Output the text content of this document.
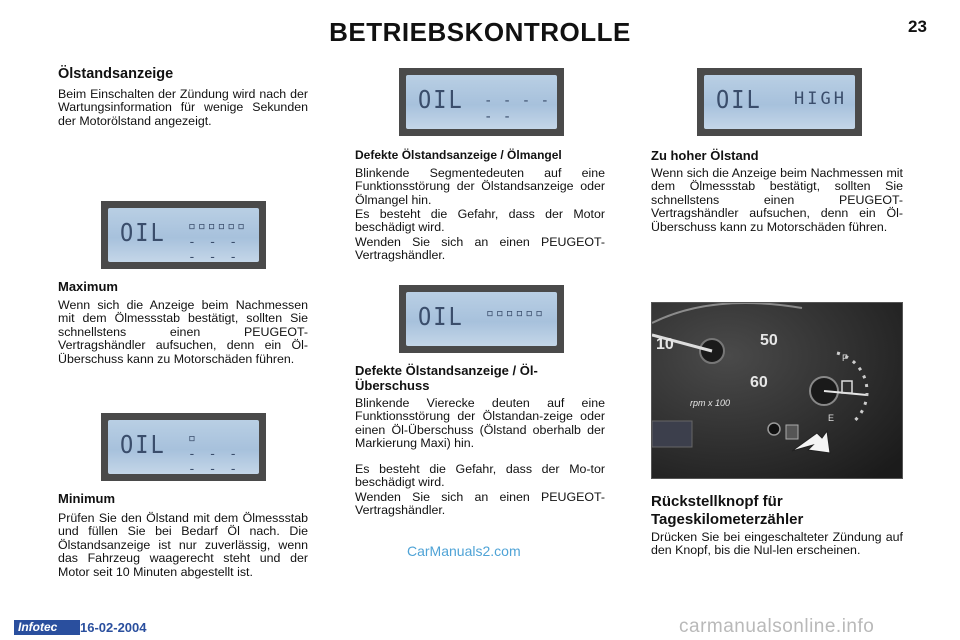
BETRIEBSKONTROLLE	23
Ölstandsanzeige
Beim Einschalten der Zündung wird nach der Wartungsinformation für wenige Sekunden der Motorölstand angezeigt.
OIL ▫▫▫▫▫▫
- - - - - -
Maximum
Wenn sich die Anzeige beim Nachmessen mit dem Ölmessstab bestätigt, sollten Sie schnellstens einen PEUGEOT-Vertragshändler aufsuchen, denn ein Öl-Überschuss kann zu Motorschäden führen.
OIL ▫
- - - - - -
Minimum
Prüfen Sie den Ölstand mit dem Ölmessstab und füllen Sie bei Bedarf Öl nach. Die Ölstandsanzeige ist nur zuverlässig, wenn das Fahrzeug waagerecht steht und der Motor seit 10 Minuten abgestellt ist.
OIL - - - - - -
Defekte Ölstandsanzeige / Ölmangel
Blinkende Segmentedeuten auf eine Funktionsstörung der Ölstandsanzeige oder Ölmangel hin.
Es besteht die Gefahr, dass der Motor beschädigt wird.
Wenden Sie sich an einen PEUGEOT-Vertragshändler.
OIL ▫▫▫▫▫▫
Defekte Ölstandsanzeige / Öl-Überschuss
Blinkende Vierecke deuten auf eine Funktionsstörung der Ölstandan-zeige oder einen Öl-Überschuss (Ölstand oberhalb der Markierung Maxi) hin.
Es besteht die Gefahr, dass der Mo-tor beschädigt wird.
Wenden Sie sich an einen PEUGEOT-Vertragshändler.
CarManuals2.com
OIL HIGH
Zu hoher Ölstand
Wenn sich die Anzeige beim Nachmessen mit dem Ölmessstab bestätigt, sollten Sie schnellstens einen PEUGEOT-Vertragshändler aufsuchen, denn ein Öl-Überschuss kann zu Motorschäden führen.
10	50
60
rpm x 100
E
F
Rückstellknopf für Tageskilometerzähler
Drücken Sie bei eingeschalteter Zündung auf den Knopf, bis die Nul-len erscheinen.
Infotec 16-02-2004	carmanualsonline.info
